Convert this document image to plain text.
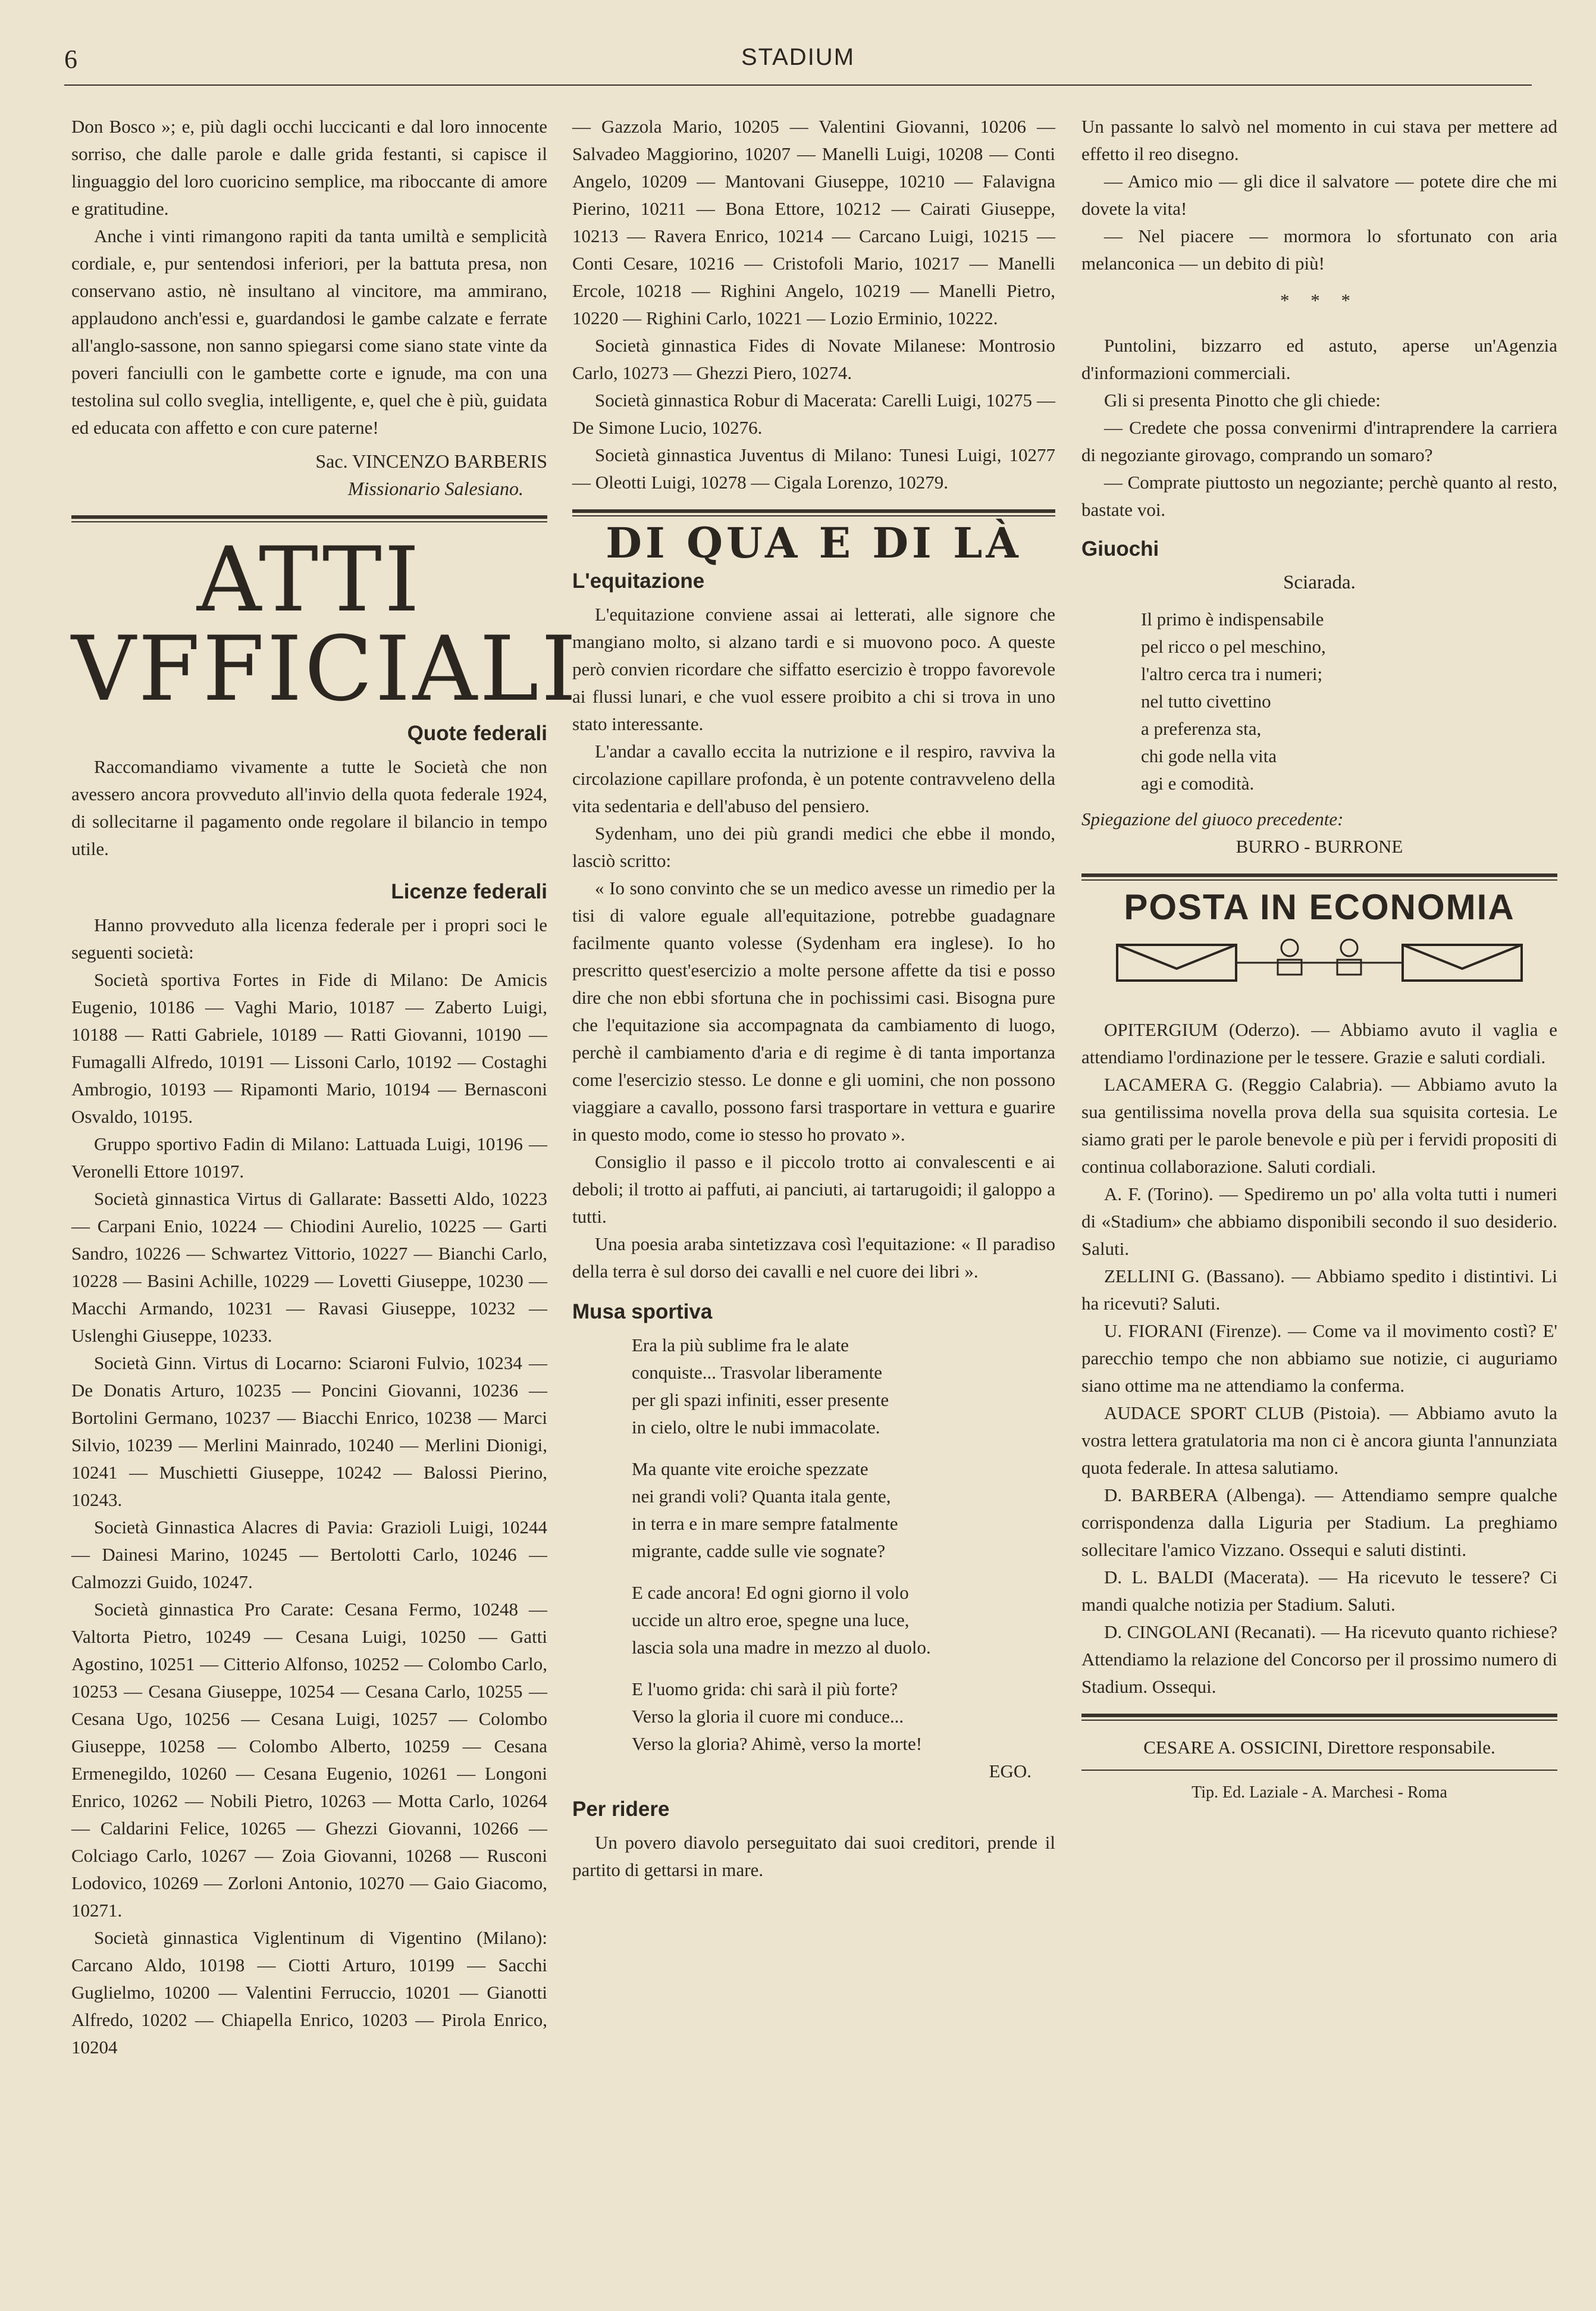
6	STADIUM

Don Bosco »; e, più dagli occhi luccicanti e dal loro innocente sorriso, che dalle parole e dalle grida festanti, si capisce il linguaggio del loro cuoricino semplice, ma riboccante di amore e gratitudine.

Anche i vinti rimangono rapiti da tanta umiltà e semplicità cordiale, e, pur sentendosi inferiori, per la battuta presa, non conservano astio, nè insultano al vincitore, ma ammirano, applaudono anch'essi e, guardandosi le gambe calzate e ferrate all'anglo-sassone, non sanno spiegarsi come siano state vinte da poveri fanciulli con le gambette corte e ignude, ma con una testolina sul collo sveglia, intelligente, e, quel che è più, guidata ed educata con affetto e con cure paterne!

Sac. VINCENZO BARBERIS
Missionario Salesiano.
ATTI VFFICIALI
Quote federali

Raccomandiamo vivamente a tutte le Società che non avessero ancora provveduto all'invio della quota federale 1924, di sollecitarne il pagamento onde regolare il bilancio in tempo utile.

Licenze federali

Hanno provveduto alla licenza federale per i propri soci le seguenti società:

Società sportiva Fortes in Fide di Milano: De Amicis Eugenio, 10186 — Vaghi Mario, 10187 — Zaberto Luigi, 10188 — Ratti Gabriele, 10189 — Ratti Giovanni, 10190 — Fumagalli Alfredo, 10191 — Lissoni Carlo, 10192 — Costaghi Ambrogio, 10193 — Ripamonti Mario, 10194 — Bernasconi Osvaldo, 10195.

Gruppo sportivo Fadin di Milano: Lattuada Luigi, 10196 — Veronelli Ettore 10197.

Società ginnastica Virtus di Gallarate: Bassetti Aldo, 10223 — Carpani Enio, 10224 — Chiodini Aurelio, 10225 — Garti Sandro, 10226 — Schwartez Vittorio, 10227 — Bianchi Carlo, 10228 — Basini Achille, 10229 — Lovetti Giuseppe, 10230 — Macchi Armando, 10231 — Ravasi Giuseppe, 10232 — Uslenghi Giuseppe, 10233.

Società Ginn. Virtus di Locarno: Sciaroni Fulvio, 10234 — De Donatis Arturo, 10235 — Poncini Giovanni, 10236 — Bortolini Germano, 10237 — Biacchi Enrico, 10238 — Marci Silvio, 10239 — Merlini Mainrado, 10240 — Merlini Dionigi, 10241 — Muschietti Giuseppe, 10242 — Balossi Pierino, 10243.

Società Ginnastica Alacres di Pavia: Grazioli Luigi, 10244 — Dainesi Marino, 10245 — Bertolotti Carlo, 10246 — Calmozzi Guido, 10247.

Società ginnastica Pro Carate: Cesana Fermo, 10248 — Valtorta Pietro, 10249 — Cesana Luigi, 10250 — Gatti Agostino, 10251 — Citterio Alfonso, 10252 — Colombo Carlo, 10253 — Cesana Giuseppe, 10254 — Cesana Carlo, 10255 — Cesana Ugo, 10256 — Cesana Luigi, 10257 — Colombo Giuseppe, 10258 — Colombo Alberto, 10259 — Cesana Ermenegildo, 10260 — Cesana Eugenio, 10261 — Longoni Enrico, 10262 — Nobili Pietro, 10263 — Motta Carlo, 10264 — Caldarini Felice, 10265 — Ghezzi Giovanni, 10266 — Colciago Carlo, 10267 — Zoia Giovanni, 10268 — Rusconi Lodovico, 10269 — Zorloni Antonio, 10270 — Gaio Giacomo, 10271.

Società ginnastica Viglentinum di Vigentino (Milano): Carcano Aldo, 10198 — Ciotti Arturo, 10199 — Sacchi Guglielmo, 10200 — Valentini Ferruccio, 10201 — Gianotti Alfredo, 10202 — Chiapella Enrico, 10203 — Pirola Enrico, 10204

— Gazzola Mario, 10205 — Valentini Giovanni, 10206 — Salvadeo Maggiorino, 10207 — Manelli Luigi, 10208 — Conti Angelo, 10209 — Mantovani Giuseppe, 10210 — Falavigna Pierino, 10211 — Bona Ettore, 10212 — Cairati Giuseppe, 10213 — Ravera Enrico, 10214 — Carcano Luigi, 10215 — Conti Cesare, 10216 — Cristofoli Mario, 10217 — Manelli Ercole, 10218 — Righini Angelo, 10219 — Manelli Pietro, 10220 — Righini Carlo, 10221 — Lozio Erminio, 10222.

Società ginnastica Fides di Novate Milanese: Montrosio Carlo, 10273 — Ghezzi Piero, 10274.

Società ginnastica Robur di Macerata: Carelli Luigi, 10275 — De Simone Lucio, 10276.

Società ginnastica Juventus di Milano: Tunesi Luigi, 10277 — Oleotti Luigi, 10278 — Cigala Lorenzo, 10279.

DI QUA E DI LÀ
L'equitazione

L'equitazione conviene assai ai letterati, alle signore che mangiano molto, si alzano tardi e si muovono poco. A queste però convien ricordare che siffatto esercizio è troppo favorevole ai flussi lunari, e che vuol essere proibito a chi si trova in uno stato interessante.

L'andar a cavallo eccita la nutrizione e il respiro, ravviva la circolazione capillare profonda, è un potente contravveleno della vita sedentaria e dell'abuso del pensiero.

Sydenham, uno dei più grandi medici che ebbe il mondo, lasciò scritto:

« Io sono convinto che se un medico avesse un rimedio per la tisi di valore eguale all'equitazione, potrebbe guadagnare facilmente quanto volesse (Sydenham era inglese). Io ho prescritto quest'esercizio a molte persone affette da tisi e posso dire che non ebbi sfortuna che in pochissimi casi. Bisogna pure che l'equitazione sia accompagnata da cambiamento di luogo, perchè il cambiamento d'aria e di regime è di tanta importanza come l'esercizio stesso. Le donne e gli uomini, che non possono viaggiare a cavallo, possono farsi trasportare in vettura e guarire in questo modo, come io stesso ho provato ».

Consiglio il passo e il piccolo trotto ai convalescenti e ai deboli; il trotto ai paffuti, ai panciuti, ai tartarugoidi; il galoppo a tutti.

Una poesia araba sintetizzava così l'equitazione: « Il paradiso della terra è sul dorso dei cavalli e nel cuore dei libri ».

Musa sportiva
Era la più sublime fra le alate
conquiste... Trasvolar liberamente
per gli spazi infiniti, esser presente
in cielo, oltre le nubi immacolate.
Ma quante vite eroiche spezzate
nei grandi voli? Quanta itala gente,
in terra e in mare sempre fatalmente
migrante, cadde sulle vie sognate?
E cade ancora! Ed ogni giorno il volo
uccide un altro eroe, spegne una luce,
lascia sola una madre in mezzo al duolo.
E l'uomo grida: chi sarà il più forte?
Verso la gloria il cuore mi conduce...
Verso la gloria? Ahimè, verso la morte!
EGO.
Per ridere

Un povero diavolo perseguitato dai suoi creditori, prende il partito di gettarsi in mare.

Un passante lo salvò nel momento in cui stava per mettere ad effetto il reo disegno.

— Amico mio — gli dice il salvatore — potete dire che mi dovete la vita!

— Nel piacere — mormora lo sfortunato con aria melanconica — un debito di più!

* * *

Puntolini, bizzarro ed astuto, aperse un'Agenzia d'informazioni commerciali.

Gli si presenta Pinotto che gli chiede:

— Credete che possa convenirmi d'intraprendere la carriera di negoziante girovago, comprando un somaro?

— Comprate piuttosto un negoziante; perchè quanto al resto, bastate voi.

Giuochi
Sciarada.
Il primo è indispensabile
pel ricco o pel meschino,
l'altro cerca tra i numeri;
nel tutto civettino
a preferenza sta,
chi gode nella vita
agi e comodità.
Spiegazione del giuoco precedente:
BURRO - BURRONE
POSTA IN ECONOMIA

OPITERGIUM (Oderzo). — Abbiamo avuto il vaglia e attendiamo l'ordinazione per le tessere. Grazie e saluti cordiali.

LACAMERA G. (Reggio Calabria). — Abbiamo avuto la sua gentilissima novella prova della sua squisita cortesia. Le siamo grati per le parole benevole e più per i fervidi propositi di continua collaborazione. Saluti cordiali.

A. F. (Torino). — Spediremo un po' alla volta tutti i numeri di «Stadium» che abbiamo disponibili secondo il suo desiderio. Saluti.

ZELLINI G. (Bassano). — Abbiamo spedito i distintivi. Li ha ricevuti? Saluti.

U. FIORANI (Firenze). — Come va il movimento costì? E' parecchio tempo che non abbiamo sue notizie, ci auguriamo siano ottime ma ne attendiamo la conferma.

AUDACE SPORT CLUB (Pistoia). — Abbiamo avuto la vostra lettera gratulatoria ma non ci è ancora giunta l'annunziata quota federale. In attesa salutiamo.

D. BARBERA (Albenga). — Attendiamo sempre qualche corrispondenza dalla Liguria per Stadium. La preghiamo sollecitare l'amico Vizzano. Ossequi e saluti distinti.

D. L. BALDI (Macerata). — Ha ricevuto le tessere? Ci mandi qualche notizia per Stadium. Saluti.

D. CINGOLANI (Recanati). — Ha ricevuto quanto richiese? Attendiamo la relazione del Concorso per il prossimo numero di Stadium. Ossequi.

CESARE A. OSSICINI, Direttore responsabile.
Tip. Ed. Laziale - A. Marchesi - Roma
